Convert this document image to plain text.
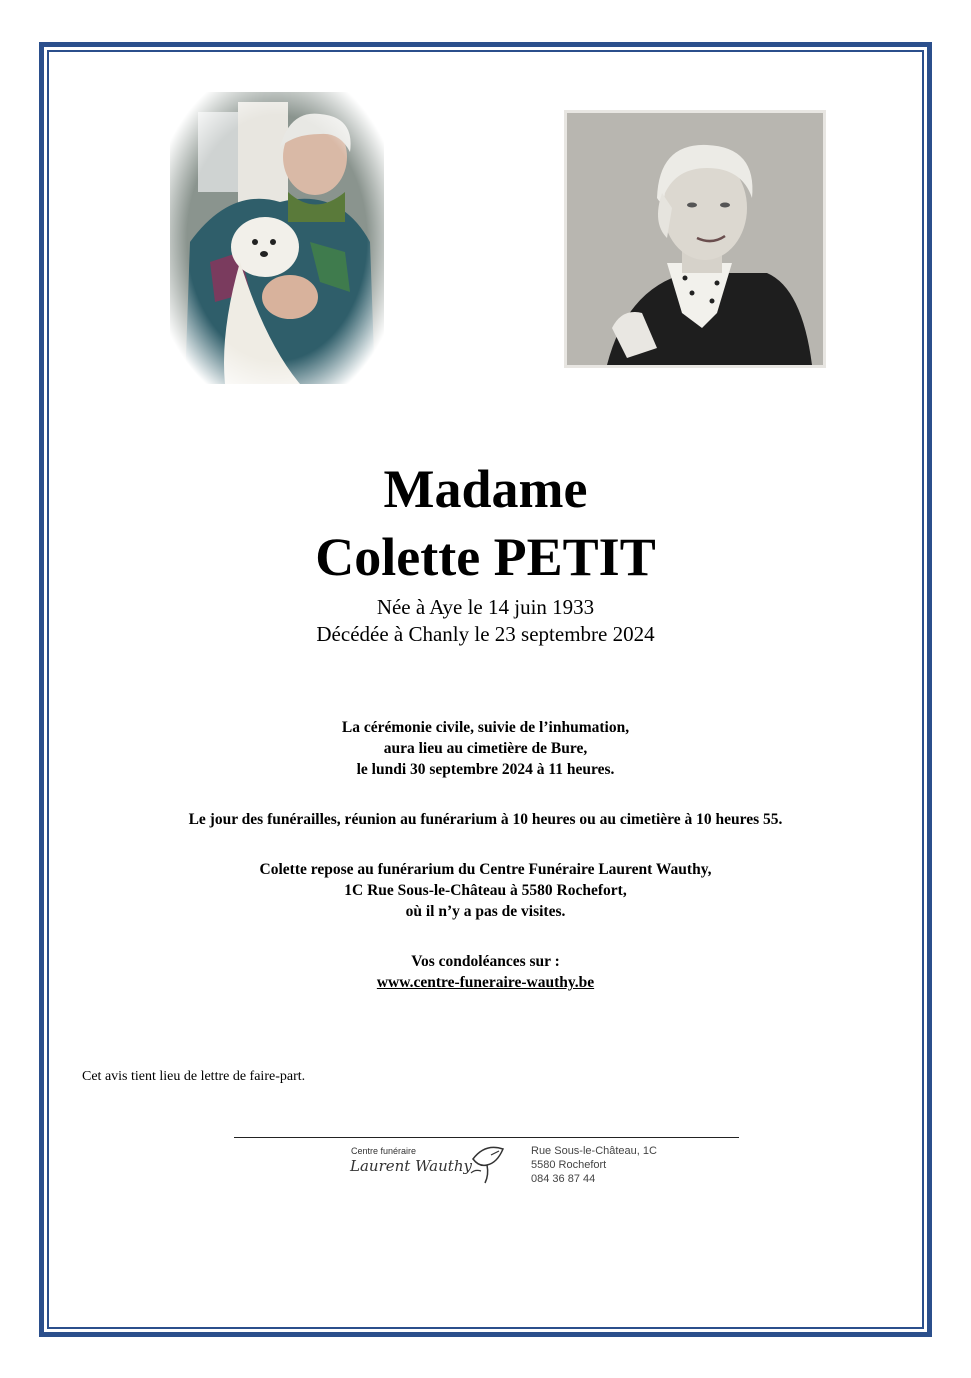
Madame
Colette PETIT
Née à Aye le 14 juin 1933
Décédée à Chanly le 23 septembre 2024
La cérémonie civile, suivie de l’inhumation,
aura lieu au cimetière de Bure,
le lundi 30 septembre 2024 à 11 heures.
Le jour des funérailles, réunion au funérarium à 10 heures ou au cimetière à 10 heures 55.
Colette repose au funérarium du Centre Funéraire Laurent Wauthy,
1C Rue Sous-le-Château à 5580 Rochefort,
où il n’y a pas de visites.
Vos condoléances sur :
www.centre-funeraire-wauthy.be
Cet avis tient lieu de lettre de faire-part.
Centre funéraire
Laurent Wauthy
Rue Sous-le-Château, 1C
5580 Rochefort
084 36 87 44
